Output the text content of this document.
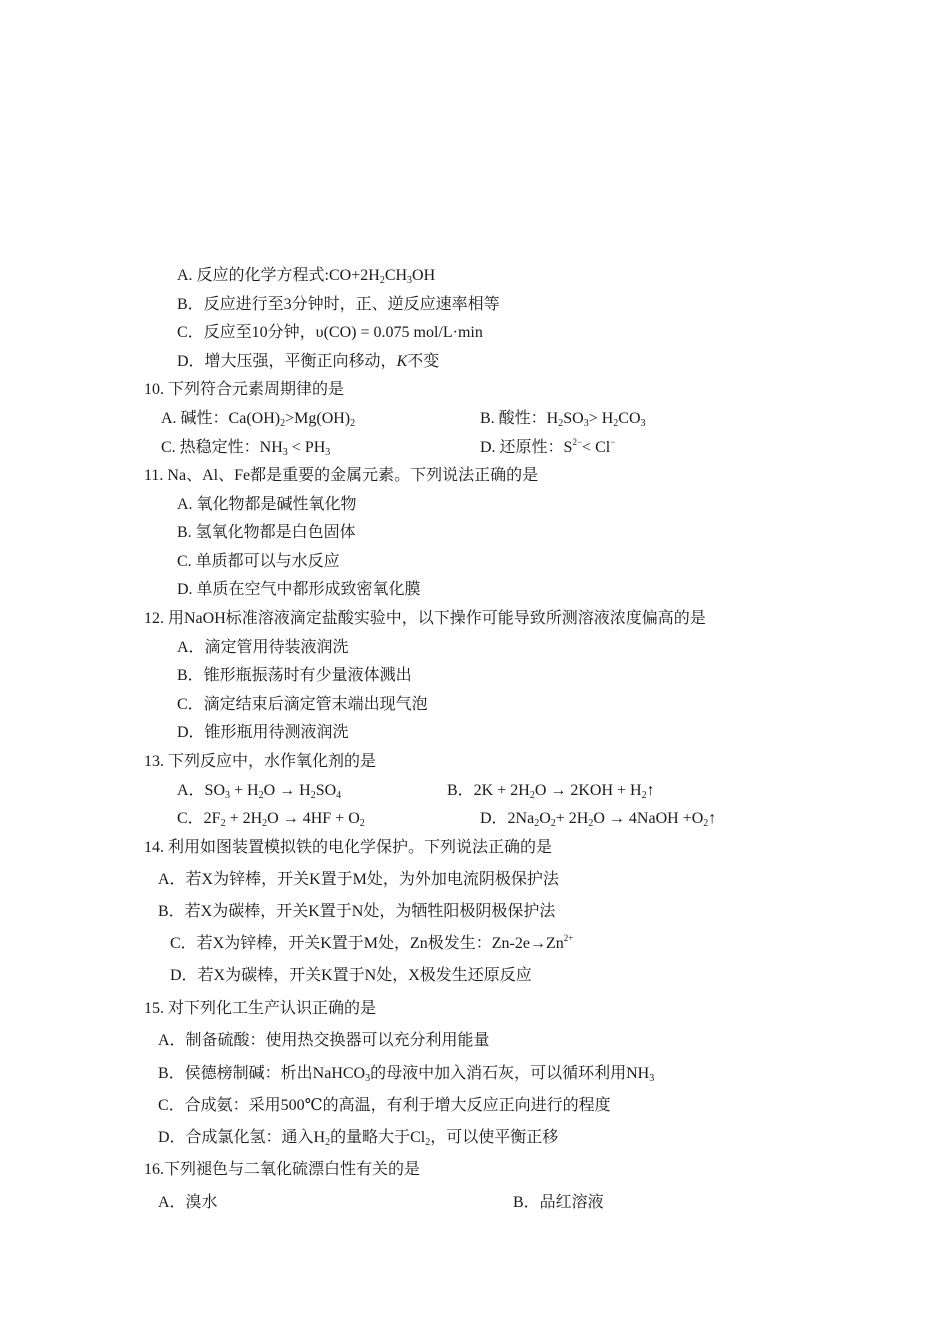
A. 反应的化学方程式$:CO+2H_2CH_3OH$
B．反应进行至3分钟时，正、逆反应速率相等
C．反应至10分钟，υ(CO) = 0.075 mol/L·min
D．增大压强，平衡正向移动，K不变
10. 下列符合元素周期律的是
A. 碱性：$Ca(OH)_2>Mg(OH)_2$	B. 酸性：$H_2SO_3> H_2CO_3$
C. 热稳定性：$NH_3 < PH_3$	D. 还原性：$S^{2-}< Cl^-$
11. Na、Al、Fe都是重要的金属元素。下列说法正确的是
A. 氧化物都是碱性氧化物
B. 氢氧化物都是白色固体
C. 单质都可以与水反应
D. 单质在空气中都形成致密氧化膜
12. 用NaOH标准溶液滴定盐酸实验中，以下操作可能导致所测溶液浓度偏高的是
A．滴定管用待装液润洗
B．锥形瓶振荡时有少量液体溅出
C．滴定结束后滴定管末端出现气泡
D．锥形瓶用待测液润洗
13. 下列反应中，水作氧化剂的是
A．$SO_3 + H_2O \to H_2SO_4$	B．$2K + 2H_2O \to 2KOH$ + $H_2↑$
C．$2F_2 + 2H_2O \to 4HF + O_2$	D．$2Na_2O_2+ 2H_2O$ → 4NaOH $+O_2↑$
14. 利用如图装置模拟铁的电化学保护。下列说法正确的是
A．若X为锌棒，开关K置于M处，为外加电流阴极保护法
B．若X为碳棒，开关K置于N处，为牺牲阳极阴极保护法
C．若X为锌棒，开关K置于M处，Zn极发生：$Zn-2e\to Zn^{2+}$
D．若X为碳棒，开关K置于N处，X极发生还原反应
15. 对下列化工生产认识正确的是
A．制备硫酸：使用热交换器可以充分利用能量
B．侯德榜制碱：析出NaHCO$_3$的母液中加入消石灰，可以循环利用$NH_3$
C．合成氨：采用500℃的高温，有利于增大反应正向进行的程度
D．合成氯化氢：通入$H_2$的量略大于$Cl_2$，可以使平衡正移
16.下列褪色与二氧化硫漂白性有关的是
A．溴水	B．品红溶液
